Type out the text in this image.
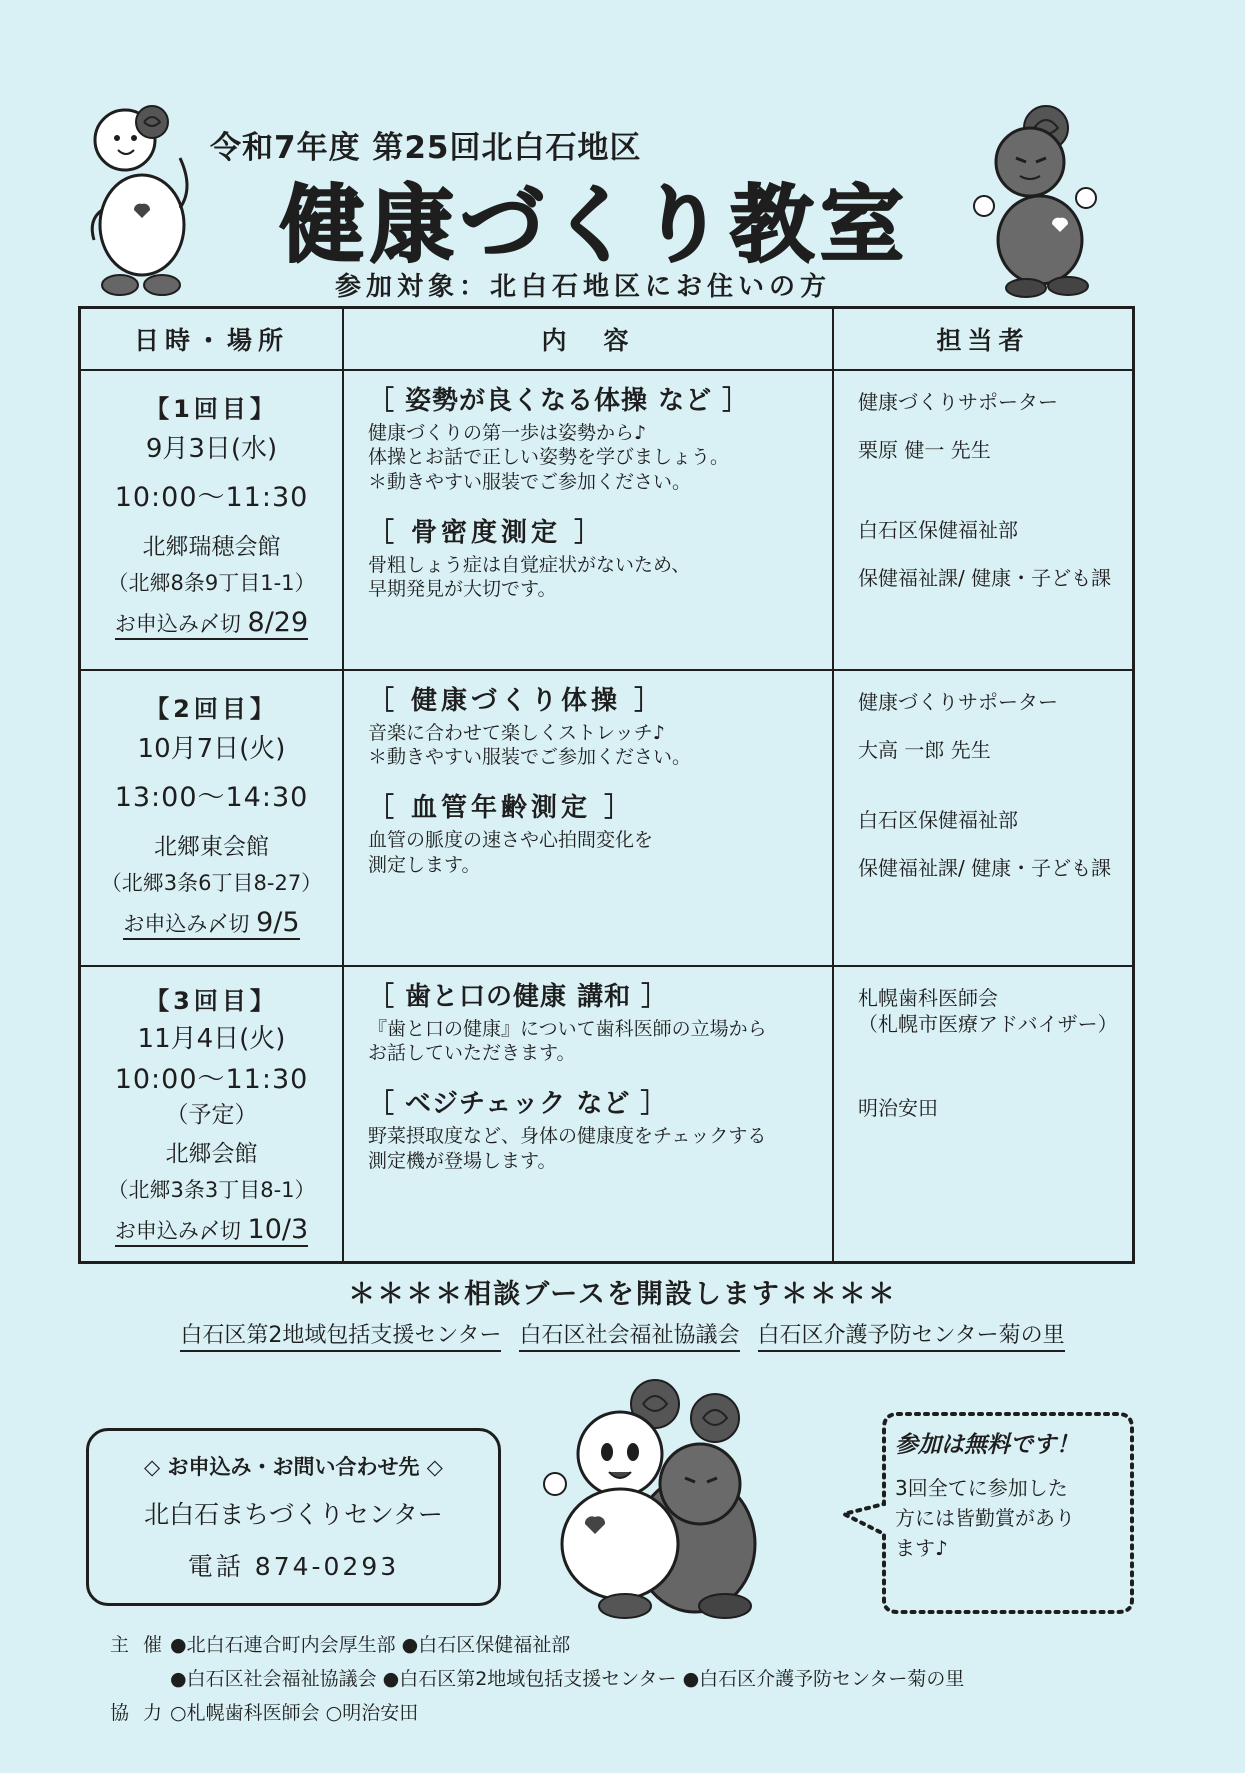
令和7年度 第25回北白石地区
健康づくり教室
参加対象：北白石地区にお住いの方
日時・場所	内　容	担当者
【1回目】
9月3日(水)
10:00～11:30
北郷瑞穂会館
（北郷8条9丁目1-1）
お申込み〆切 8/29
［ 姿勢が良くなる体操 など ］
健康づくりの第一歩は姿勢から♪
体操とお話で正しい姿勢を学びましょう。
＊動きやすい服装でご参加ください。
［ 骨密度測定 ］
骨粗しょう症は自覚症状がないため、
早期発見が大切です。

健康づくりサポーター

栗原 健一 先生

白石区保健福祉部

保健福祉課/ 健康・子ども課

【2回目】
10月7日(火)
13:00～14:30
北郷東会館
（北郷3条6丁目8-27）
お申込み〆切 9/5
［ 健康づくり体操 ］
音楽に合わせて楽しくストレッチ♪
＊動きやすい服装でご参加ください。
［ 血管年齢測定 ］
血管の脈度の速さや心拍間変化を
測定します。

健康づくりサポーター

大高 一郎 先生

白石区保健福祉部

保健福祉課/ 健康・子ども課

【3回目】
11月4日(火)
10:00～11:30
（予定）
北郷会館
（北郷3条3丁目8-1）
お申込み〆切 10/3
［ 歯と口の健康 講和 ］
『歯と口の健康』について歯科医師の立場から
お話していただきます。
［ ベジチェック など ］
野菜摂取度など、身体の健康度をチェックする
測定機が登場します。

札幌歯科医師会

（札幌市医療アドバイザー）

明治安田

＊＊＊＊相談ブースを開設します＊＊＊＊
白石区第2地域包括支援センター 白石区社会福祉協議会 白石区介護予防センター菊の里
◇ お申込み・お問い合わせ先 ◇
北白石まちづくりセンター
電話 874-0293
参加は無料です！
3回全てに参加した
方には皆勤賞があり
ます♪
主 催 ●北白石連合町内会厚生部 ●白石区保健福祉部
●白石区社会福祉協議会 ●白石区第2地域包括支援センター ●白石区介護予防センター菊の里
協 力 ○札幌歯科医師会 ○明治安田
